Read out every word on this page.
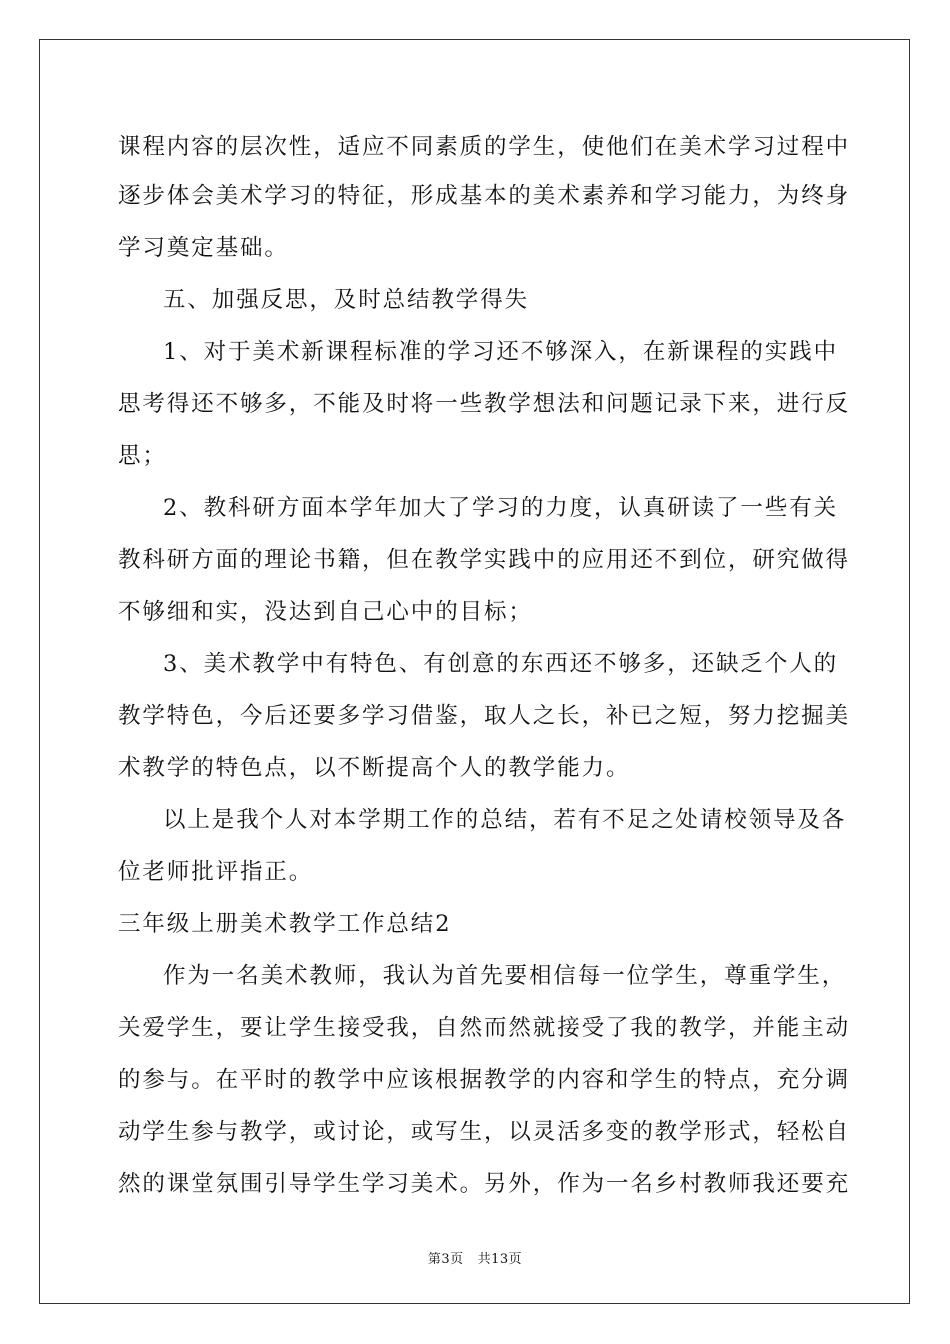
课程内容的层次性，适应不同素质的学生，使他们在美术学习过程中
逐步体会美术学习的特征，形成基本的美术素养和学习能力，为终身
学习奠定基础。
五、加强反思，及时总结教学得失
1、对于美术新课程标准的学习还不够深入，在新课程的实践中
思考得还不够多，不能及时将一些教学想法和问题记录下来，进行反
思；
2、教科研方面本学年加大了学习的力度，认真研读了一些有关
教科研方面的理论书籍，但在教学实践中的应用还不到位，研究做得
不够细和实，没达到自己心中的目标；
3、美术教学中有特色、有创意的东西还不够多，还缺乏个人的
教学特色，今后还要多学习借鉴，取人之长，补已之短，努力挖掘美
术教学的特色点，以不断提高个人的教学能力。
以上是我个人对本学期工作的总结，若有不足之处请校领导及各
位老师批评指正。
三年级上册美术教学工作总结2
作为一名美术教师，我认为首先要相信每一位学生，尊重学生，
关爱学生，要让学生接受我，自然而然就接受了我的教学，并能主动
的参与。在平时的教学中应该根据教学的内容和学生的特点，充分调
动学生参与教学，或讨论，或写生，以灵活多变的教学形式，轻松自
然的课堂氛围引导学生学习美术。另外，作为一名乡村教师我还要充
第3页 共13页
